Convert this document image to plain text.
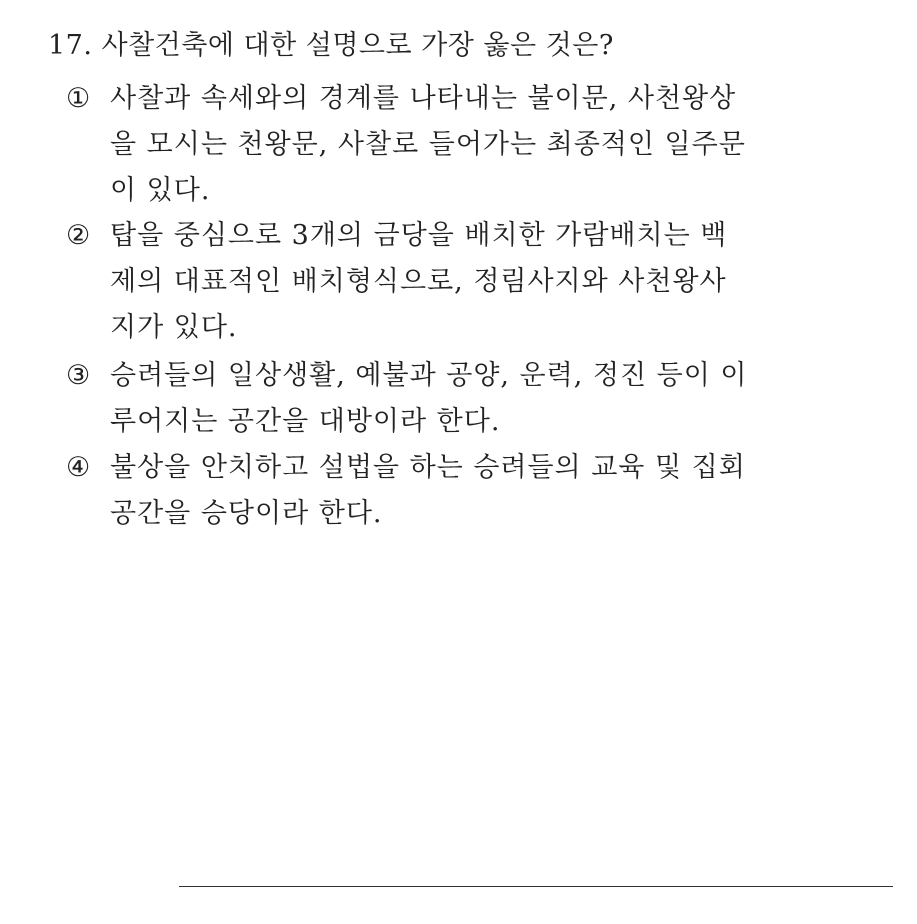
17. 사찰건축에 대한 설명으로 가장 옳은 것은?
① 사찰과 속세와의 경계를 나타내는 불이문, 사천왕상을 모시는 천왕문, 사찰로 들어가는 최종적인 일주문이 있다.
② 탑을 중심으로 3개의 금당을 배치한 가람배치는 백제의 대표적인 배치형식으로, 정림사지와 사천왕사지가 있다.
③ 승려들의 일상생활, 예불과 공양, 운력, 정진 등이 이루어지는 공간을 대방이라 한다.
④ 불상을 안치하고 설법을 하는 승려들의 교육 및 집회 공간을 승당이라 한다.
